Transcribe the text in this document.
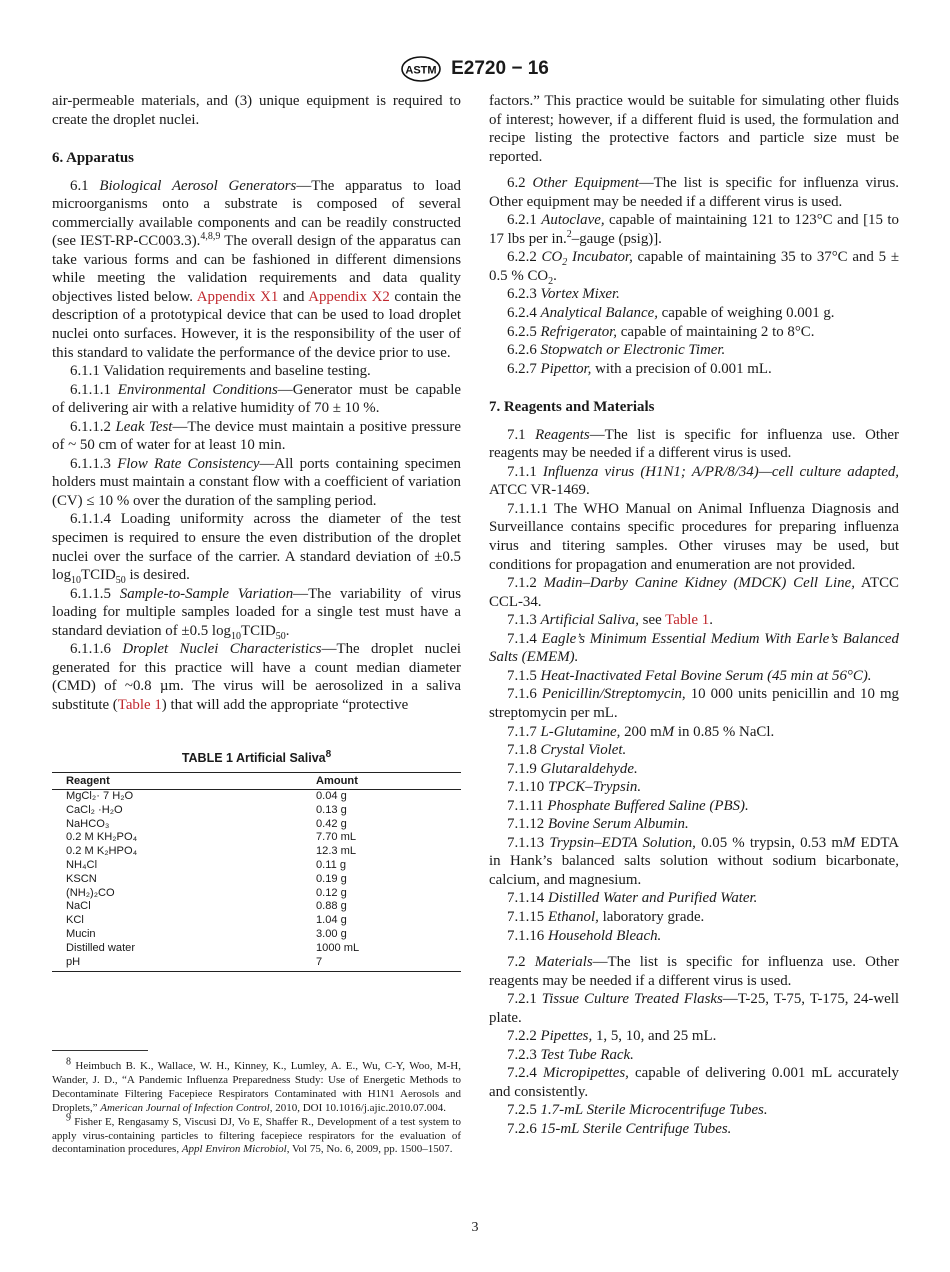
ASTM E2720 − 16

air-permeable materials, and (3) unique equipment is required to create the droplet nuclei.

6. Apparatus

6.1 Biological Aerosol Generators—The apparatus to load microorganisms onto a substrate is composed of several commercially available components and can be readily constructed (see IEST-RP-CC003.3).$^{4,8,9}$ The overall design of the apparatus can take various forms and can be fashioned in different dimensions while meeting the validation requirements and data quality objectives listed below. Appendix X1 and Appendix X2 contain the description of a prototypical device that can be used to load droplet nuclei onto surfaces. However, it is the responsibility of the user of this standard to validate the performance of the device prior to use.

6.1.1 Validation requirements and baseline testing.

6.1.1.1 Environmental Conditions—Generator must be capable of delivering air with a relative humidity of 70 ± 10 %.

6.1.1.2 Leak Test—The device must maintain a positive pressure of ~ 50 cm of water for at least 10 min.

6.1.1.3 Flow Rate Consistency—All ports containing specimen holders must maintain a constant flow with a coefficient of variation (CV) ≤ 10 % over the duration of the sampling period.

6.1.1.4 Loading uniformity across the diameter of the test specimen is required to ensure the even distribution of the droplet nuclei over the surface of the carrier. A standard deviation of ±0.5 $\log_{10}TCID_{50}$ is desired.

6.1.1.5 Sample-to-Sample Variation—The variability of virus loading for multiple samples loaded for a single test must have a standard deviation of ±0.5 $\log_{10}TCID_{50}$.

6.1.1.6 Droplet Nuclei Characteristics—The droplet nuclei generated for this practice will have a count median diameter (CMD) of ~0.8 µm. The virus will be aerosolized in a saliva substitute (Table 1) that will add the appropriate “protective

TABLE 1 Artificial Saliva$^8$
Reagent	Amount
MgCl₂· 7 H₂O	0.04 g
CaCl₂ ·H₂O	0.13 g
NaHCO₃	0.42 g
0.2 M KH₂PO₄	7.70 mL
0.2 M K₂HPO₄	12.3 mL
NH₄Cl	0.11 g
KSCN	0.19 g
(NH₂)₂CO	0.12 g
NaCl	0.88 g
KCl	1.04 g
Mucin	3.00 g
Distilled water	1000 mL
pH	7

$^8$ Heimbuch B. K., Wallace, W. H., Kinney, K., Lumley, A. E., Wu, C-Y, Woo, M-H, Wander, J. D., “A Pandemic Influenza Preparedness Study: Use of Energetic Methods to Decontaminate Filtering Facepiece Respirators Contaminated with H1N1 Aerosols and Droplets,” American Journal of Infection Control, 2010, DOI 10.1016/j.ajic.2010.07.004.

$^9$ Fisher E, Rengasamy S, Viscusi DJ, Vo E, Shaffer R., Development of a test system to apply virus-containing particles to filtering facepiece respirators for the evaluation of decontamination procedures, Appl Environ Microbiol, Vol 75, No. 6, 2009, pp. 1500–1507.

factors.” This practice would be suitable for simulating other fluids of interest; however, if a different fluid is used, the formulation and recipe listing the protective factors and particle size must be reported.

6.2 Other Equipment—The list is specific for influenza virus. Other equipment may be needed if a different virus is used.

6.2.1 Autoclave, capable of maintaining 121 to 123°C and [15 to 17 lbs per in.$^2$–gauge (psig)].

6.2.2 $CO_2$ Incubator, capable of maintaining 35 to 37°C and 5 ± 0.5 % $CO_2$.

6.2.3 Vortex Mixer.

6.2.4 Analytical Balance, capable of weighing 0.001 g.

6.2.5 Refrigerator, capable of maintaining 2 to 8°C.

6.2.6 Stopwatch or Electronic Timer.

6.2.7 Pipettor, with a precision of 0.001 mL.

7. Reagents and Materials

7.1 Reagents—The list is specific for influenza use. Other reagents may be needed if a different virus is used.

7.1.1 Influenza virus (H1N1; A/PR/8/34)—cell culture adapted, ATCC VR-1469.

7.1.1.1 The WHO Manual on Animal Influenza Diagnosis and Surveillance contains specific procedures for preparing influenza virus and titering samples. Other viruses may be used, but conditions for propagation and enumeration are not provided.

7.1.2 Madin–Darby Canine Kidney (MDCK) Cell Line, ATCC CCL-34.

7.1.3 Artificial Saliva, see Table 1.

7.1.4 Eagle’s Minimum Essential Medium With Earle’s Balanced Salts (EMEM).

7.1.5 Heat-Inactivated Fetal Bovine Serum (45 min at 56°C).

7.1.6 Penicillin/Streptomycin, 10 000 units penicillin and 10 mg streptomycin per mL.

7.1.7 L-Glutamine, 200 mM in 0.85 % NaCl.

7.1.8 Crystal Violet.

7.1.9 Glutaraldehyde.

7.1.10 TPCK–Trypsin.

7.1.11 Phosphate Buffered Saline (PBS).

7.1.12 Bovine Serum Albumin.

7.1.13 Trypsin–EDTA Solution, 0.05 % trypsin, 0.53 mM EDTA in Hank’s balanced salts solution without sodium bicarbonate, calcium, and magnesium.

7.1.14 Distilled Water and Purified Water.

7.1.15 Ethanol, laboratory grade.

7.1.16 Household Bleach.

7.2 Materials—The list is specific for influenza use. Other reagents may be needed if a different virus is used.

7.2.1 Tissue Culture Treated Flasks—T-25, T-75, T-175, 24-well plate.

7.2.2 Pipettes, 1, 5, 10, and 25 mL.

7.2.3 Test Tube Rack.

7.2.4 Micropipettes, capable of delivering 0.001 mL accurately and consistently.

7.2.5 1.7-mL Sterile Microcentrifuge Tubes.

7.2.6 15-mL Sterile Centrifuge Tubes.

3
